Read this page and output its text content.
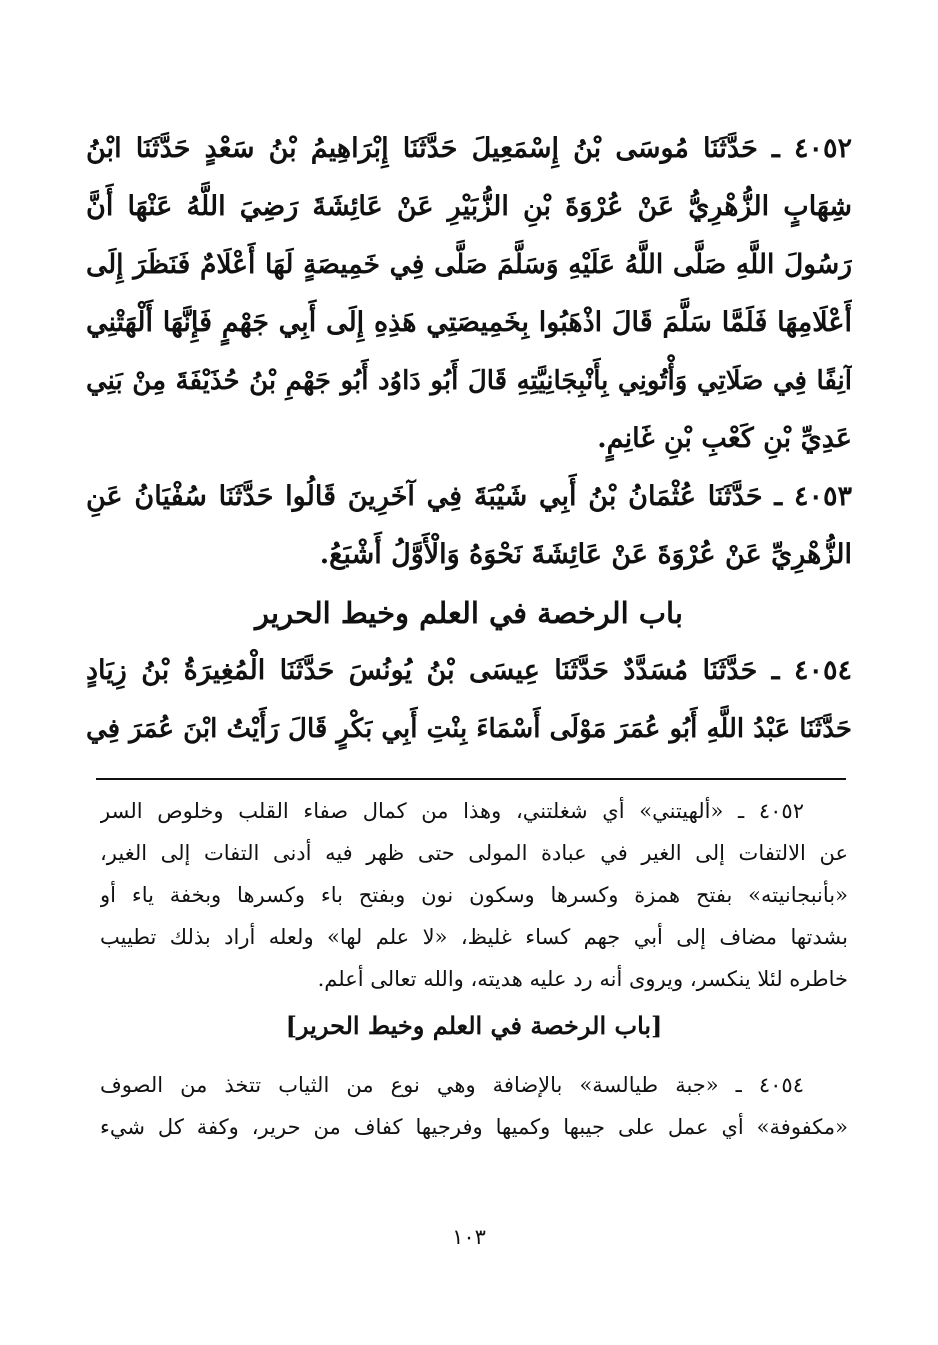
٤٠٥٢ ـ حَدَّثَنَا مُوسَى بْنُ إِسْمَعِيلَ حَدَّثَنَا إِبْرَاهِيمُ بْنُ سَعْدٍ حَدَّثَنَا ابْنُ
شِهَابٍ الزُّهْرِيُّ عَنْ عُرْوَةَ بْنِ الزُّبَيْرِ عَنْ عَائِشَةَ رَضِيَ اللَّهُ عَنْهَا أَنَّ
رَسُولَ اللَّهِ صَلَّى اللَّهُ عَلَيْهِ وَسَلَّمَ صَلَّى فِي خَمِيصَةٍ لَهَا أَعْلَامٌ فَنَظَرَ إِلَى
أَعْلَامِهَا فَلَمَّا سَلَّمَ قَالَ اذْهَبُوا بِخَمِيصَتِي هَذِهِ إِلَى أَبِي جَهْمٍ فَإِنَّهَا أَلْهَتْنِي
آنِفًا فِي صَلَاتِي وَأْتُونِي بِأَنْبِجَانِيَّتِهِ قَالَ أَبُو دَاوُد أَبُو جَهْمِ بْنُ حُذَيْفَةَ مِنْ بَنِي
عَدِيِّ بْنِ كَعْبِ بْنِ غَانِمٍ.
٤٠٥٣ ـ حَدَّثَنَا عُثْمَانُ بْنُ أَبِي شَيْبَةَ فِي آخَرِينَ قَالُوا حَدَّثَنَا سُفْيَانُ عَنِ
الزُّهْرِيِّ عَنْ عُرْوَةَ عَنْ عَائِشَةَ نَحْوَهُ وَالْأَوَّلُ أَشْبَعُ.
باب الرخصة في العلم وخيط الحرير
٤٠٥٤ ـ حَدَّثَنَا مُسَدَّدٌ حَدَّثَنَا عِيسَى بْنُ يُونُسَ حَدَّثَنَا الْمُغِيرَةُ بْنُ زِيَادٍ
حَدَّثَنَا عَبْدُ اللَّهِ أَبُو عُمَرَ مَوْلَى أَسْمَاءَ بِنْتِ أَبِي بَكْرٍ قَالَ رَأَيْتُ ابْنَ عُمَرَ فِي
٤٠٥٢ ـ «ألهيتني» أي شغلتني، وهذا من كمال صفاء القلب وخلوص السر
عن الالتفات إلى الغير في عبادة المولى حتى ظهر فيه أدنى التفات إلى الغير،
«بأنبجانيته» بفتح همزة وكسرها وسكون نون وبفتح باء وكسرها وبخفة ياء أو
بشدتها مضاف إلى أبي جهم كساء غليظ، «لا علم لها» ولعله أراد بذلك تطييب
خاطره لئلا ينكسر، ويروى أنه رد عليه هديته، والله تعالى أعلم.
[باب الرخصة في العلم وخيط الحرير]
٤٠٥٤ ـ «جبة طيالسة» بالإضافة وهي نوع من الثياب تتخذ من الصوف
«مكفوفة» أي عمل على جيبها وكميها وفرجيها كفاف من حرير، وكفة كل شيء
١٠٣
